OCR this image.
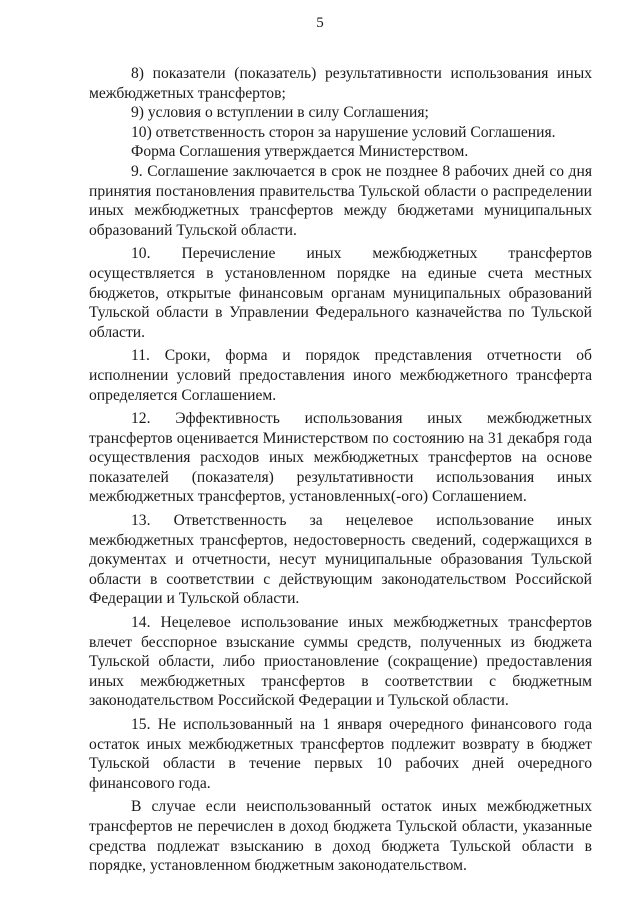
5

8) показатели (показатель) результативности использования иных межбюджетных трансфертов;

9) условия о вступлении в силу Соглашения;

10) ответственность сторон за нарушение условий Соглашения.

Форма Соглашения утверждается Министерством.

9. Соглашение заключается в срок не позднее 8 рабочих дней со дня принятия постановления правительства Тульской области о распределении иных межбюджетных трансфертов между бюджетами муниципальных образований Тульской области.

10. Перечисление иных межбюджетных трансфертов осуществляется в установленном порядке на единые счета местных бюджетов, открытые финансовым органам муниципальных образований Тульской области в Управлении Федерального казначейства по Тульской области.

11. Сроки, форма и порядок представления отчетности об исполнении условий предоставления иного межбюджетного трансферта определяется Соглашением.

12. Эффективность использования иных межбюджетных трансфертов оценивается Министерством по состоянию на 31 декабря года осуществления расходов иных межбюджетных трансфертов на основе показателей (показателя) результативности использования иных межбюджетных трансфертов, установленных(-ого) Соглашением.

13. Ответственность за нецелевое использование иных межбюджетных трансфертов, недостоверность сведений, содержащихся в документах и отчетности, несут муниципальные образования Тульской области в соответствии с действующим законодательством Российской Федерации и Тульской области.

14. Нецелевое использование иных межбюджетных трансфертов влечет бесспорное взыскание суммы средств, полученных из бюджета Тульской области, либо приостановление (сокращение) предоставления иных межбюджетных трансфертов в соответствии с бюджетным законодательством Российской Федерации и Тульской области.

15. Не использованный на 1 января очередного финансового года остаток иных межбюджетных трансфертов подлежит возврату в бюджет Тульской области в течение первых 10 рабочих дней очередного финансового года.

В случае если неиспользованный остаток иных межбюджетных трансфертов не перечислен в доход бюджета Тульской области, указанные средства подлежат взысканию в доход бюджета Тульской области в порядке, установленном бюджетным законодательством.
